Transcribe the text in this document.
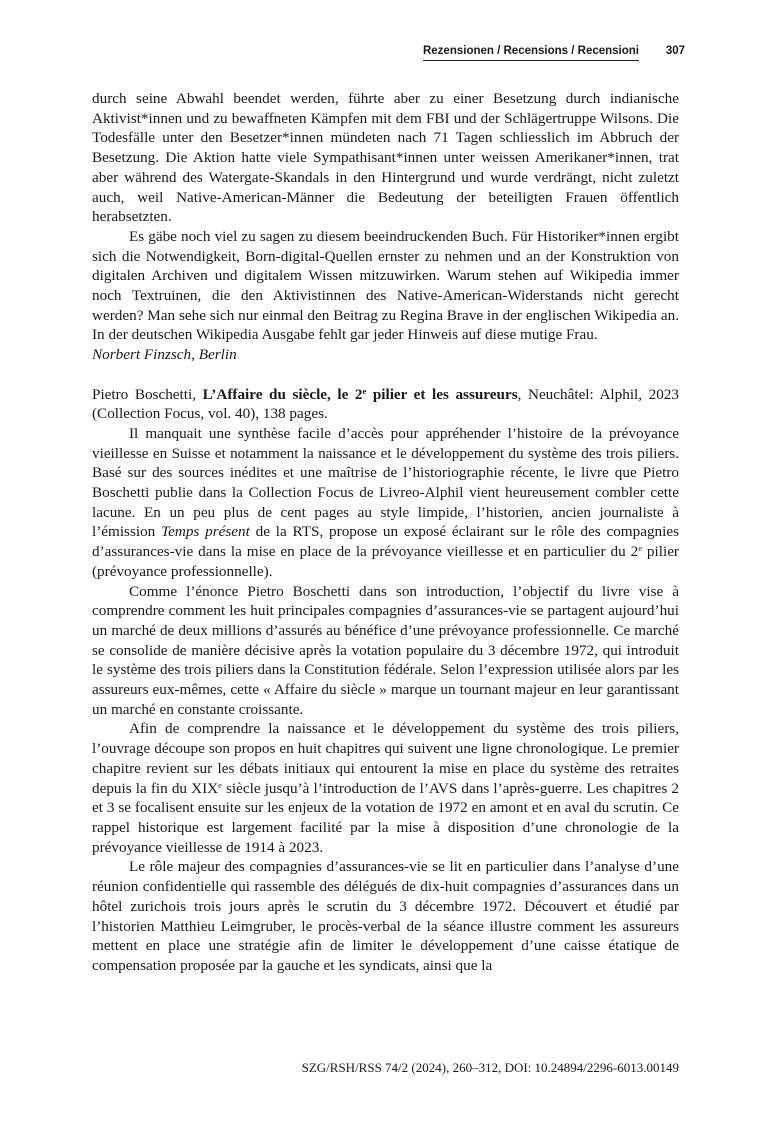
Rezensionen / Recensions / Recensioni 307

durch seine Abwahl beendet werden, führte aber zu einer Besetzung durch indianische Aktivist*innen und zu bewaffneten Kämpfen mit dem FBI und der Schlägertruppe Wilsons. Die Todesfälle unter den Besetzer*innen mündeten nach 71 Tagen schliesslich im Abbruch der Besetzung. Die Aktion hatte viele Sympathisant*innen unter weissen Amerikaner*innen, trat aber während des Watergate-Skandals in den Hintergrund und wurde verdrängt, nicht zuletzt auch, weil Native-American-Männer die Bedeutung der beteiligten Frauen öffentlich herabsetzten.

Es gäbe noch viel zu sagen zu diesem beeindruckenden Buch. Für Historiker*innen ergibt sich die Notwendigkeit, Born-digital-Quellen ernster zu nehmen und an der Konstruktion von digitalen Archiven und digitalem Wissen mitzuwirken. Warum stehen auf Wikipedia immer noch Textruinen, die den Aktivistinnen des Native-American-Widerstands nicht gerecht werden? Man sehe sich nur einmal den Beitrag zu Regina Brave in der englischen Wikipedia an. In der deutschen Wikipedia Ausgabe fehlt gar jeder Hinweis auf diese mutige Frau.

Norbert Finzsch, Berlin

Pietro Boschetti, L’Affaire du siècle, le 2e pilier et les assureurs, Neuchâtel: Alphil, 2023 (Collection Focus, vol. 40), 138 pages.

Il manquait une synthèse facile d’accès pour appréhender l’histoire de la prévoyance vieillesse en Suisse et notamment la naissance et le développement du système des trois piliers. Basé sur des sources inédites et une maîtrise de l’historiographie récente, le livre que Pietro Boschetti publie dans la Collection Focus de Livreo-Alphil vient heureusement combler cette lacune. En un peu plus de cent pages au style limpide, l’historien, ancien journaliste à l’émission Temps présent de la RTS, propose un exposé éclairant sur le rôle des compagnies d’assurances-vie dans la mise en place de la prévoyance vieillesse et en particulier du 2e pilier (prévoyance professionnelle).

Comme l’énonce Pietro Boschetti dans son introduction, l’objectif du livre vise à comprendre comment les huit principales compagnies d’assurances-vie se partagent aujourd’hui un marché de deux millions d’assurés au bénéfice d’une prévoyance professionnelle. Ce marché se consolide de manière décisive après la votation populaire du 3 décembre 1972, qui introduit le système des trois piliers dans la Constitution fédérale. Selon l’expression utilisée alors par les assureurs eux-mêmes, cette « Affaire du siècle » marque un tournant majeur en leur garantissant un marché en constante croissante.

Afin de comprendre la naissance et le développement du système des trois piliers, l’ouvrage découpe son propos en huit chapitres qui suivent une ligne chronologique. Le premier chapitre revient sur les débats initiaux qui entourent la mise en place du système des retraites depuis la fin du XIXe siècle jusqu’à l’introduction de l’AVS dans l’après-guerre. Les chapitres 2 et 3 se focalisent ensuite sur les enjeux de la votation de 1972 en amont et en aval du scrutin. Ce rappel historique est largement facilité par la mise à disposition d’une chronologie de la prévoyance vieillesse de 1914 à 2023.

Le rôle majeur des compagnies d’assurances-vie se lit en particulier dans l’analyse d’une réunion confidentielle qui rassemble des délégués de dix-huit compagnies d’assurances dans un hôtel zurichois trois jours après le scrutin du 3 décembre 1972. Découvert et étudié par l’historien Matthieu Leimgruber, le procès-verbal de la séance illustre comment les assureurs mettent en place une stratégie afin de limiter le développement d’une caisse étatique de compensation proposée par la gauche et les syndicats, ainsi que la

SZG/RSH/RSS 74/2 (2024), 260–312, DOI: 10.24894/2296-6013.00149
